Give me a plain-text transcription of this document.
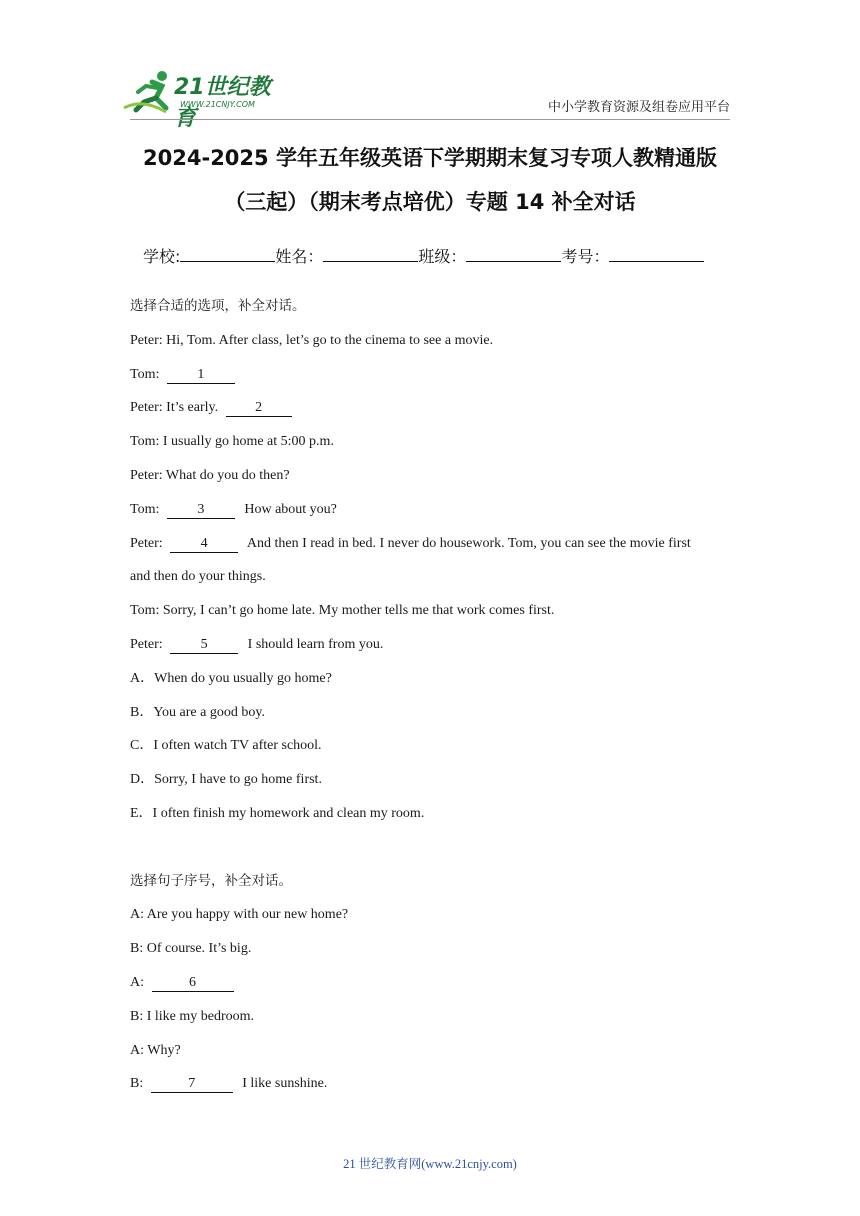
21世纪教育
WWW.21CNJY.COM	中小学教育资源及组卷应用平台
2024-2025 学年五年级英语下学期期末复习专项人教精通版
（三起）（期末考点培优）专题 14 补全对话
学校:	姓名：	班级：	考号：
选择合适的选项，补全对话。
Peter: Hi, Tom. After class, let’s go to the cinema to see a movie.
Tom:	1
Peter: It’s early.	2
Tom: I usually go home at 5:00 p.m.
Peter: What do you do then?
Tom:	3	How about you?
Peter:	4	And then I read in bed. I never do housework. Tom, you can see the movie first
and then do your things.
Tom: Sorry, I can’t go home late. My mother tells me that work comes first.
Peter:	5	I should learn from you.
A．When do you usually go home?
B．You are a good boy.
C．I often watch TV after school.
D．Sorry, I have to go home first.
E．I often finish my homework and clean my room.
选择句子序号，补全对话。
A: Are you happy with our new home?
B: Of course. It’s big.
A:	6
B: I like my bedroom.
A: Why?
B:	7	I like sunshine.
21 世纪教育网(www.21cnjy.com)
